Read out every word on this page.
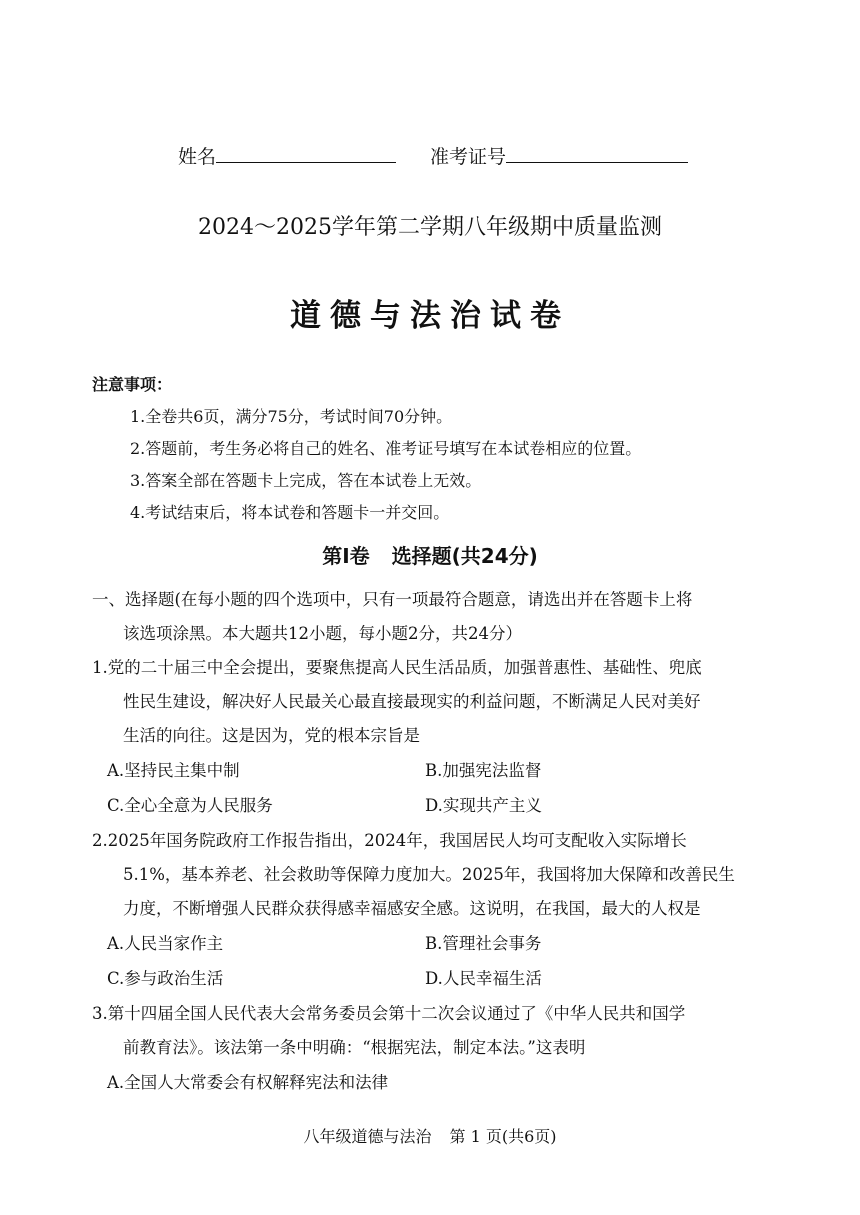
姓名	准考证号
2024～2025学年第二学期八年级期中质量监测
道德与法治试卷
注意事项：
1.全卷共6页，满分75分，考试时间70分钟。
2.答题前，考生务必将自己的姓名、准考证号填写在本试卷相应的位置。
3.答案全部在答题卡上完成，答在本试卷上无效。
4.考试结束后，将本试卷和答题卡一并交回。
第Ⅰ卷 选择题(共24分)
一、选择题(在每小题的四个选项中，只有一项最符合题意，请选出并在答题卡上将
该选项涂黑。本大题共12小题，每小题2分，共24分）
1.党的二十届三中全会提出，要聚焦提高人民生活品质，加强普惠性、基础性、兜底
性民生建设，解决好人民最关心最直接最现实的利益问题，不断满足人民对美好
生活的向往。这是因为，党的根本宗旨是
A.坚持民主集中制	B.加强宪法监督
C.全心全意为人民服务	D.实现共产主义
2.2025年国务院政府工作报告指出，2024年，我国居民人均可支配收入实际增长
5.1%，基本养老、社会救助等保障力度加大。2025年，我国将加大保障和改善民生
力度，不断增强人民群众获得感幸福感安全感。这说明，在我国，最大的人权是
A.人民当家作主	B.管理社会事务
C.参与政治生活	D.人民幸福生活
3.第十四届全国人民代表大会常务委员会第十二次会议通过了《中华人民共和国学
前教育法》。该法第一条中明确：“根据宪法，制定本法。”这表明
A.全国人大常委会有权解释宪法和法律
八年级道德与法治 第 1 页(共6页)
